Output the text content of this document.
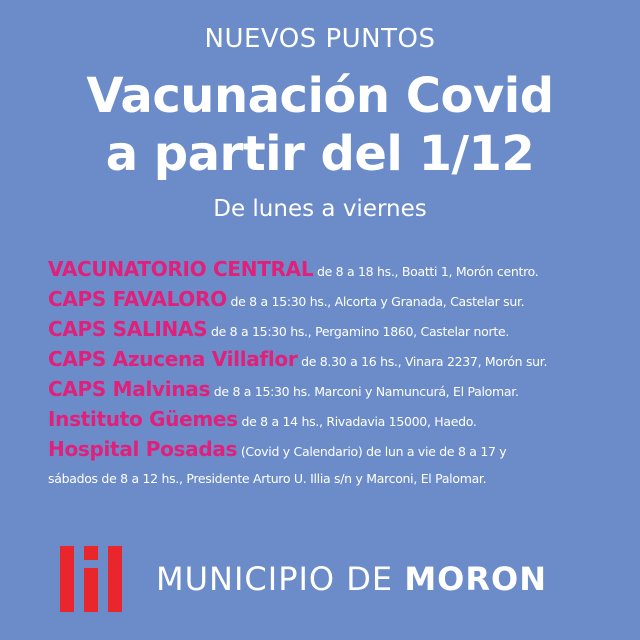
NUEVOS PUNTOS
Vacunación Covid
a partir del 1/12
De lunes a viernes
VACUNATORIO CENTRAL de 8 a 18 hs., Boatti 1, Morón centro.
CAPS FAVALORO de 8 a 15:30 hs., Alcorta y Granada, Castelar sur.
CAPS SALINAS de 8 a 15:30 hs., Pergamino 1860, Castelar norte.
CAPS Azucena Villaflor de 8.30 a 16 hs., Vinara 2237, Morón sur.
CAPS Malvinas de 8 a 15:30 hs. Marconi y Namuncurá, El Palomar.
Instituto Güemes de 8 a 14 hs., Rivadavia 15000, Haedo.
Hospital Posadas (Covid y Calendario) de lun a vie de 8 a 17 y
sábados de 8 a 12 hs., Presidente Arturo U. Illia s/n y Marconi, El Palomar.
MUNICIPIO DE MORON
